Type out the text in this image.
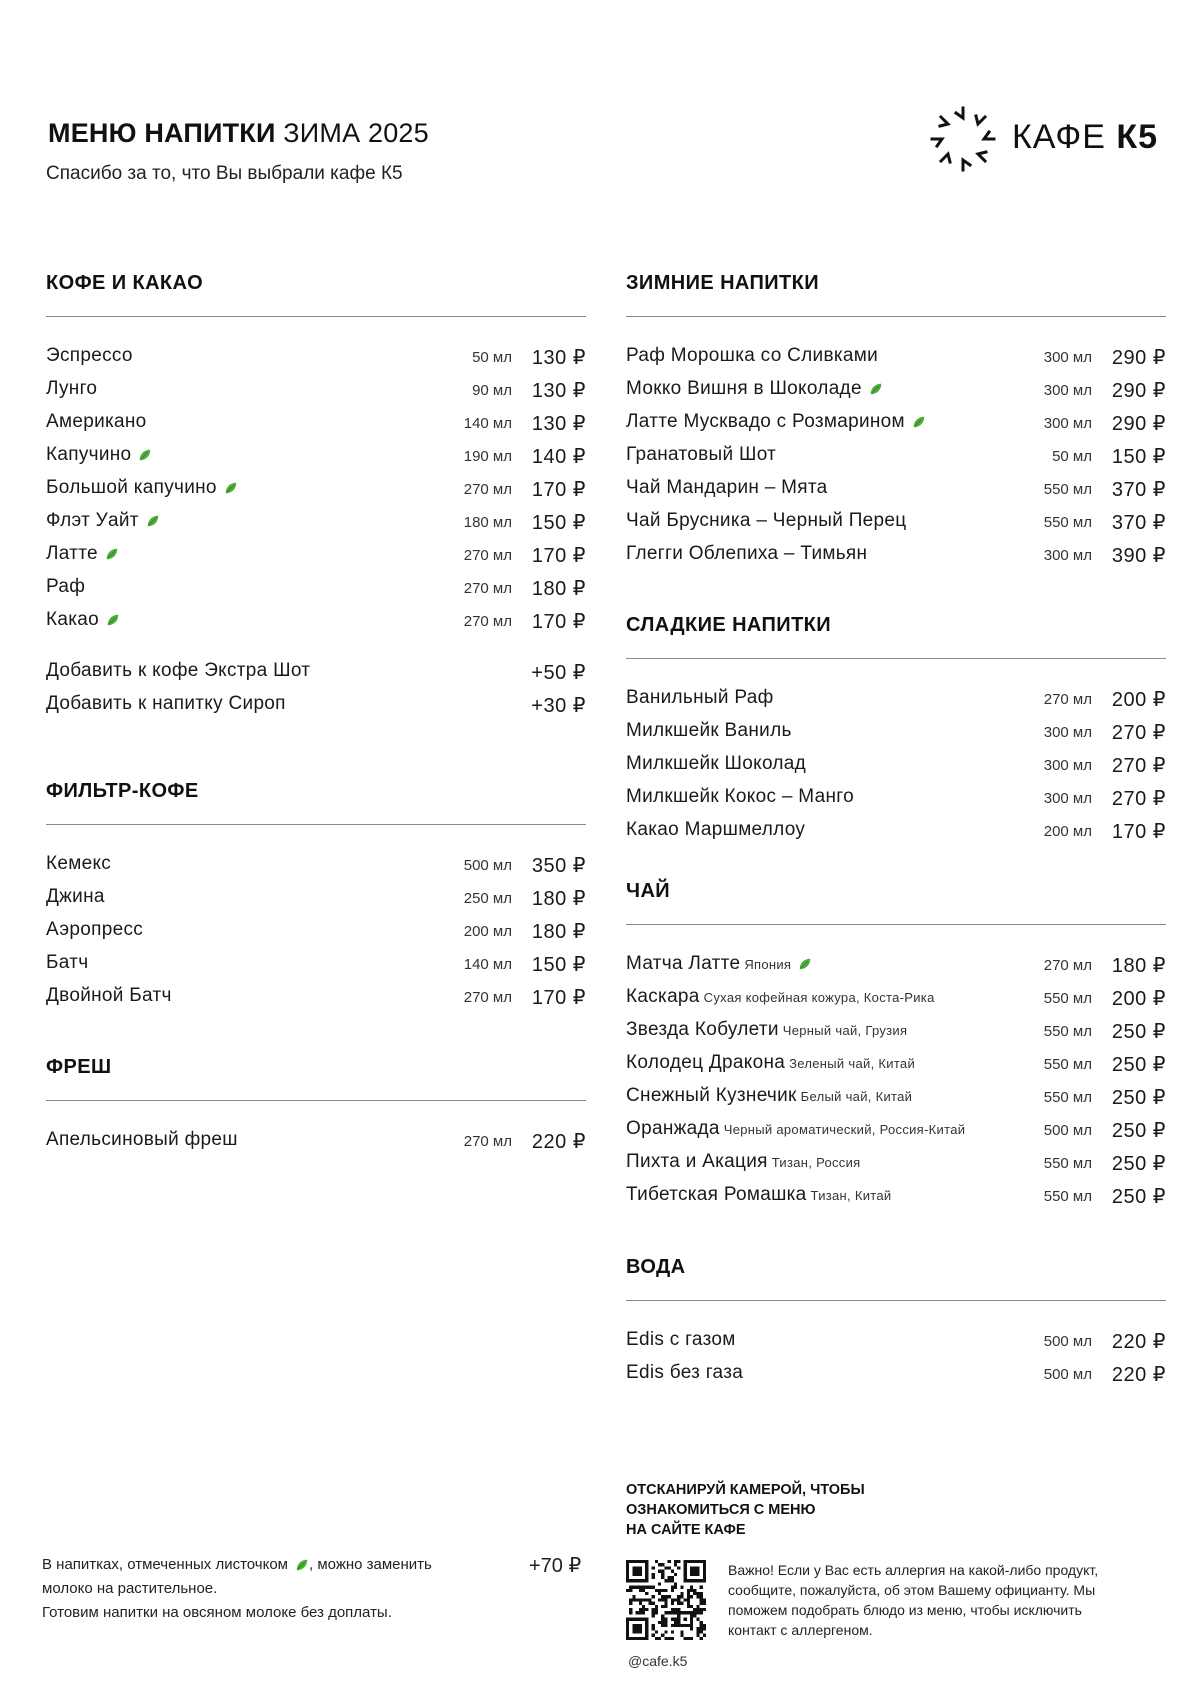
МЕНЮ НАПИТКИ ЗИМА 2025
Спасибо за то, что Вы выбрали кафе К5
КАФЕ К5
КОФЕ И КАКАО
Эспрессо	50 мл 130 ₽
Лунго	90 мл 130 ₽
Американо	140 мл 130 ₽
Капучино	190 мл 140 ₽
Большой капучино	270 мл 170 ₽
Флэт Уайт	180 мл 150 ₽
Латте	270 мл 170 ₽
Раф	270 мл 180 ₽
Какао	270 мл 170 ₽
Добавить к кофе Экстра Шот	+50 ₽
Добавить к напитку Сироп	+30 ₽
ФИЛЬТР-КОФЕ
Кемекс	500 мл 350 ₽
Джина	250 мл 180 ₽
Аэропресс	200 мл 180 ₽
Батч	140 мл 150 ₽
Двойной Батч	270 мл 170 ₽
ФРЕШ
Апельсиновый фреш	270 мл 220 ₽
ЗИМНИЕ НАПИТКИ
Раф Морошка со Сливками	300 мл 290 ₽
Мокко Вишня в Шоколаде	300 мл 290 ₽
Латте Мусквадо с Розмарином	300 мл 290 ₽
Гранатовый Шот	50 мл 150 ₽
Чай Мандарин – Мята	550 мл 370 ₽
Чай Брусника – Черный Перец	550 мл 370 ₽
Глегги Облепиха – Тимьян	300 мл 390 ₽
СЛАДКИЕ НАПИТКИ
Ванильный Раф	270 мл 200 ₽
Милкшейк Ваниль	300 мл 270 ₽
Милкшейк Шоколад	300 мл 270 ₽
Милкшейк Кокос – Манго	300 мл 270 ₽
Какао Маршмеллоу	200 мл 170 ₽
ЧАЙ
Матча Латте Япония	270 мл 180 ₽
Каскара Сухая кофейная кожура, Коста-Рика	550 мл 200 ₽
Звезда Кобулети Черный чай, Грузия	550 мл 250 ₽
Колодец Дракона Зеленый чай, Китай	550 мл 250 ₽
Снежный Кузнечик Белый чай, Китай	550 мл 250 ₽
Оранжада Черный ароматический, Россия-Китай	500 мл 250 ₽
Пихта и Акация Тизан, Россия	550 мл 250 ₽
Тибетская Ромашка Тизан, Китай	550 мл 250 ₽
ВОДА
Edis с газом	500 мл 220 ₽
Edis без газа	500 мл 220 ₽
В напитках, отмеченных листочком , можно заменить молоко на растительное.
Готовим напитки на овсяном молоке без доплаты.
+70 ₽
ОТСКАНИРУЙ КАМЕРОЙ, ЧТОБЫ
ОЗНАКОМИТЬСЯ С МЕНЮ
НА САЙТЕ КАФЕ
Важно! Если у Вас есть аллергия на какой-либо продукт, сообщите, пожалуйста, об этом Вашему официанту. Мы поможем подобрать блюдо из меню, чтобы исключить контакт с аллергеном.
@cafe.k5
